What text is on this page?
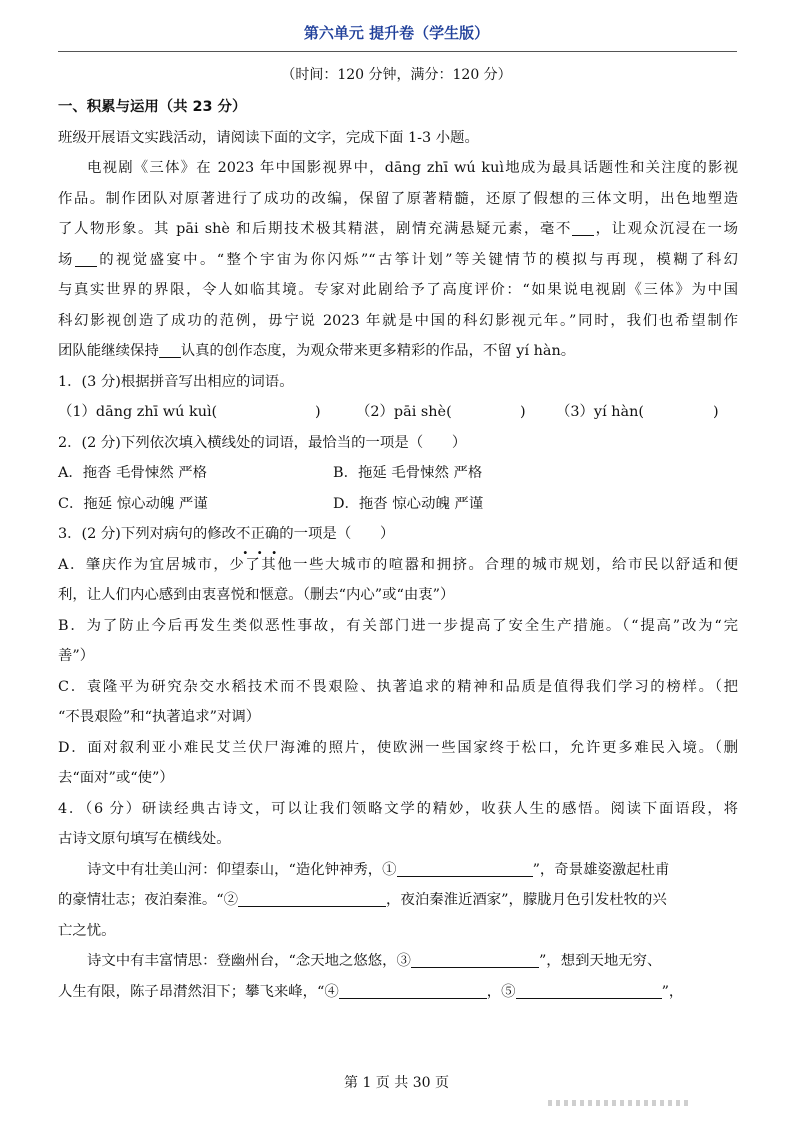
第六单元 提升卷（学生版）
（时间：120 分钟，满分：120 分）
一、积累与运用（共 23 分）
班级开展语文实践活动，请阅读下面的文字，完成下面 1-3 小题。
电视剧《三体》在 2023 年中国影视界中，dāng zhī wú kuì地成为最具话题性和关注度的影视
作品。制作团队对原著进行了成功的改编，保留了原著精髓，还原了假想的三体文明，出色地塑造
了人物形象。其 pāi shè 和后期技术极其精湛，剧情充满悬疑元素，毫不 ，让观众沉浸在一场
场 的视觉盛宴中。“整个宇宙为你闪烁”“古筝计划”等关键情节的模拟与再现，模糊了科幻
与真实世界的界限，令人如临其境。专家对此剧给予了高度评价：“如果说电视剧《三体》为中国
科幻影视创造了成功的范例，毋宁说 2023 年就是中国的科幻影视元年。”同时，我们也希望制作
团队能继续保持 认真的创作态度，为观众带来更多精彩的作品，不留 yí hàn。
1．(3 分)根据拼音写出相应的词语。
（1）dāng zhī wú kuì(	) （2）pāi shè(	) （3）yí hàn(	)
2．(2 分)下列依次填入横线处的词语，最恰当的一项是（　　）
A．拖沓 毛骨悚然 严格	B．拖延 毛骨悚然 严格
C．拖延 惊心动魄 严谨	D．拖沓 惊心动魄 严谨
3．(2 分)下列对病句的修改不正确的一项是（　　）
A．肇庆作为宜居城市，少了其他一些大城市的喧嚣和拥挤。合理的城市规划，给市民以舒适和便
利，让人们内心感到由衷喜悦和惬意。（删去“内心”或“由衷”）
B．为了防止今后再发生类似恶性事故，有关部门进一步提高了安全生产措施。（“提高”改为“完
善”）
C．袁隆平为研究杂交水稻技术而不畏艰险、执著追求的精神和品质是值得我们学习的榜样。（把
“不畏艰险”和“执著追求”对调）
D．面对叙利亚小难民艾兰伏尸海滩的照片，使欧洲一些国家终于松口，允许更多难民入境。（删
去“面对”或“使”）
4．（6 分）研读经典古诗文，可以让我们领略文学的精妙，收获人生的感悟。阅读下面语段，将
古诗文原句填写在横线处。
诗文中有壮美山河：仰望泰山，“造化钟神秀，①	”，奇景雄姿激起杜甫
的豪情壮志；夜泊秦淮。“②	，夜泊秦淮近酒家”，朦胧月色引发杜牧的兴
亡之忧。
诗文中有丰富情思：登幽州台，“念天地之悠悠，③	”，想到天地无穷、
人生有限，陈子昂潸然泪下；攀飞来峰，“④	，⑤	”，
第 1 页 共 30 页
